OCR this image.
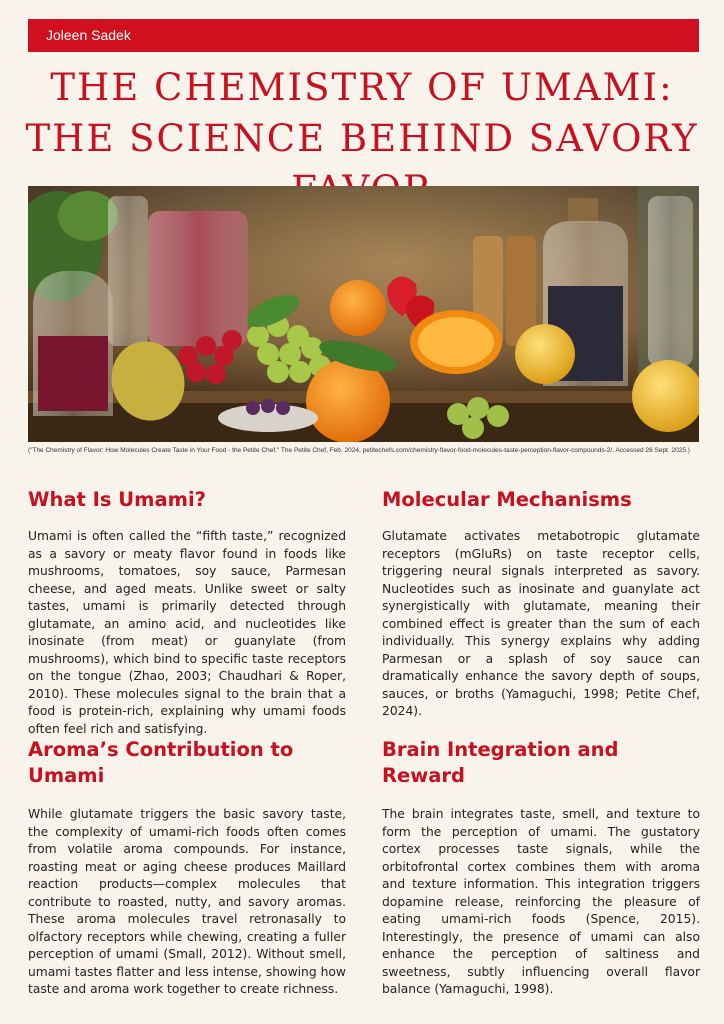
Joleen Sadek
THE CHEMISTRY OF UMAMI: THE SCIENCE BEHIND SAVORY
("The Chemistry of Flavor: How Molecules Create Taste in Your Food - the Petite Chef." The Petite Chef, Feb. 2024, petitechefs.com/chemistry-flavor-food-molecules-taste-perception-flavor-compounds-2/. Accessed 26 Sept. 2025.)
What Is Umami?

Umami is often called the “fifth taste,” recognized as a savory or meaty flavor found in foods like mushrooms, tomatoes, soy sauce, Parmesan cheese, and aged meats. Unlike sweet or salty tastes, umami is primarily detected through glutamate, an amino acid, and nucleotides like inosinate (from meat) or guanylate (from mushrooms), which bind to specific taste receptors on the tongue (Zhao, 2003; Chaudhari & Roper, 2010). These molecules signal to the brain that a food is protein-rich, explaining why umami foods often feel rich and satisfying.

Molecular Mechanisms

Glutamate activates metabotropic glutamate receptors (mGluRs) on taste receptor cells, triggering neural signals interpreted as savory. Nucleotides such as inosinate and guanylate act synergistically with glutamate, meaning their combined effect is greater than the sum of each individually. This synergy explains why adding Parmesan or a splash of soy sauce can dramatically enhance the savory depth of soups, sauces, or broths (Yamaguchi, 1998; Petite Chef, 2024).

Aroma’s Contribution to Umami

While glutamate triggers the basic savory taste, the complexity of umami-rich foods often comes from volatile aroma compounds. For instance, roasting meat or aging cheese produces Maillard reaction products—complex molecules that contribute to roasted, nutty, and savory aromas. These aroma molecules travel retronasally to olfactory receptors while chewing, creating a fuller perception of umami (Small, 2012). Without smell, umami tastes flatter and less intense, showing how taste and aroma work together to create richness.

Brain Integration and Reward

The brain integrates taste, smell, and texture to form the perception of umami. The gustatory cortex processes taste signals, while the orbitofrontal cortex combines them with aroma and texture information. This integration triggers dopamine release, reinforcing the pleasure of eating umami-rich foods (Spence, 2015). Interestingly, the presence of umami can also enhance the perception of saltiness and sweetness, subtly influencing overall flavor balance (Yamaguchi, 1998).
